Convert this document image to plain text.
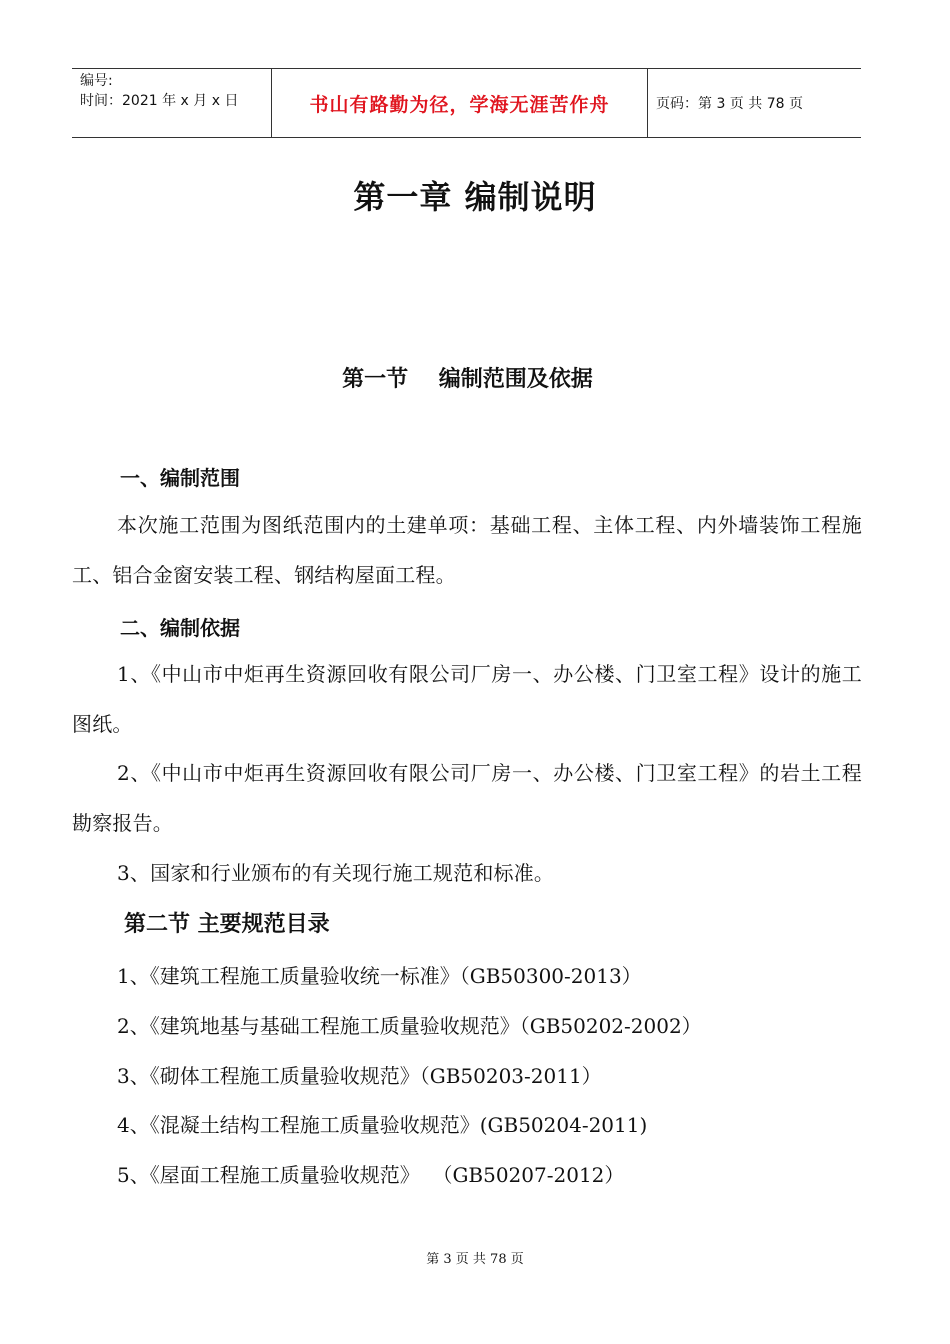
编号:
时间：2021 年 x 月 x 日	书山有路勤为径，学海无涯苦作舟	页码：第 3 页 共 78 页
第一章 编制说明
第一节    编制范围及依据
一、编制范围
本次施工范围为图纸范围内的土建单项：基础工程、主体工程、内外墙装饰工程施工、铝合金窗安装工程、钢结构屋面工程。
二、编制依据
1、《中山市中炬再生资源回收有限公司厂房一、办公楼、门卫室工程》设计的施工图纸。
2、《中山市中炬再生资源回收有限公司厂房一、办公楼、门卫室工程》的岩土工程勘察报告。
3、国家和行业颁布的有关现行施工规范和标准。
第二节 主要规范目录
1、《建筑工程施工质量验收统一标准》（GB50300-2013）
2、《建筑地基与基础工程施工质量验收规范》（GB50202-2002）
3、《砌体工程施工质量验收规范》（GB50203-2011）
4、《混凝土结构工程施工质量验收规范》(GB50204-2011)
5、《屋面工程施工质量验收规范》  （GB50207-2012）
第 3 页 共 78 页
